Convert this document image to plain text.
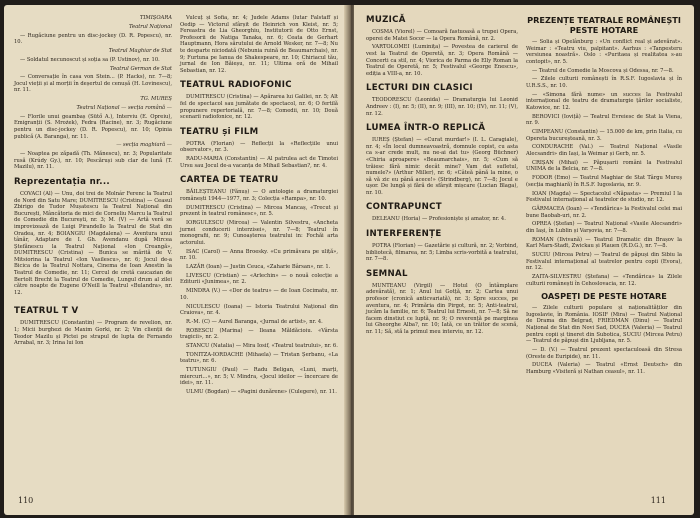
TIMIȘOARA

Teatrul Național

— Rugăciune pentru un disc-jockey (D. R. Popescu), nr. 10.

Teatrul Maghiar de Stat

— Soldatul necunoscut și soția sa (P. Ustinov), nr. 10.

Teatrul German de Stat

— Conversație în casa von Stein... (P. Hacks), nr. 7—8; Jocul vieții și al morții în deșertul de cenușă (H. Lovinescu), nr. 11.

TG. MUREȘ

Teatrul Național — secția română —

— Florile unui geambaș (Sütő A.), Interviu (E. Opreiu), Emigranții (S. Mrożek), Fedra (Racine), nr. 3; Rugăciune pentru un disc-jockey (D. R. Popescu), nr. 10; Opinia publică (A. Baranga), nr. 11.

— secția maghiară —

— Noaptea pe zăpadă (Th. Mănescu), nr. 3; Popularitate rusă (Krúdy Gy.), nr. 10; Pescăruși sub clar de lună (T. Mazilu), nr. 11.

Reprezentația nr...

COVACI (Al) — Unu, doi trei de Molnár Ferenc la Teatrul de Nord din Satu Mare; DUMITRESCU (Cristina) — Ceasul Zbirigo de Tudor Mușatescu la Teatrul Național din București, Mâncătoria de mici de Corneliu Marcu la Teatrul de Comedie din București, nr. 3; M. (V) — Artă veră se improvizează de Luigi Pirandello la Teatrul de Stat din Oradea, nr. 4; BOIANGIU (Magdalena) — Aventura unui tânăr, Adaptare de I. Gh. Avendanu după Mircea Ștefănescu la Teatrul Național «Ion Creangă», DUMITRESCU (Cristina) — Bunica se mărită de V. Mitsiorina la Teatrul «Ion Vasilescu», nr. 6; Jocul de-a Bicica de la Teatrul Nottara, Cinema de Ioan Anestin la Teatrul de Comedie, nr. 11; Cercul de cretă caucazian de Bertolt Brecht la Teatrul de Comedie, Lungul drum al zilei către noapte de Eugene O'Neill la Teatrul «Bulandra», nr. 12.

TEATRUL T V

DUMITRESCU (Constantin) — Program de revelion, nr. 1; Micii burghezi de Maxim Gorki, nr. 2; Vin clienții de Teodor Mazilu și Pictei pe strapul de lupta de Fernando Arrabal, nr. 3; Irina lui Ion

Vulcuț și Sofia, nr. 4; Judele Adams (lutar Falstaff și Oedip — Victorul sfârșit de Heinrich von Kleist, nr. 5; Fereastra de Lia Gheorghiu, Institutorii de Otto Ernst, Profesorii de Natiga Tanaka, nr. 6; Ceata de Gerhart Hauptmann, Hora sărutului de Arnold Wesker, nr. 7—8; Nu te desparte niciodată (Nebunia ruină de Beaumarchais), nr. 9; Furtuna pe Ianua de Shakespeare, nr. 10; Chiriacul tău, jurnal de Ion Băieșu, nr. 11; Ultima oră de Mihail Sebastian, nr. 12.

TEATRUL RADIOFONIC

DUMITRESCU (Cristina) — Apărarea lui Galilei, nr. 5; Alt fel de spectacol sau jumătate de spectacol, nr. 6; Ο fertilă propunere repertorială, nr. 7—8; Comedii, nr. 10; Două scenarii radiofonice, nr. 12.

TEATRU și FILM

POTRA (Florian) — Reflecții la «Reflecțiile unui observator», nr. 3.

RADU-MARIA (Constantin) — Al patrulea act de Timotei Ursu sau Jocul de-a vacanța de Mihail Sebastian?, nr. 4.

CARTEA DE TEATRU

BĂILEȘTEANU (Fănuș) — O antologie a dramaturgiei românești 1944—1977, nr. 3; Colecția «Rampa», nr. 10.

DUMITRESCU (Cristina) — Mircea Mancaș, «Trecut și prezent în teatrul românesc», nr. 5.

IORGULESCU (Mircea) — Valentin Silvestru, «Ancheta jurnei conducerii interzisei», nr. 7—8; Teatrul în monografii, nr. 9; Cunoașterea teatrului in: Fochăi arta actorului.

ISAC (Carol) — Anna Broesky. «Cu primăvara pe uliță», nr. 10.

LAZĂR (Ioan) — Justin Ceuca, «Zaharie Bârsan», nr. 1.

LIVESCU (Cristian) — «Arlechin» — o nouă colecție a Editurii «Junimea», nr. 2.

MINDRA (V.) — «Dor de teatru» — de Ioan Cocimatu, nr. 10.

NICULESCU (Ioana) — Istoria Teatrului Național din Craiova», nr. 4.

R.-M. (C) — Aurel Baranga, «Jurnal de artist», nr. 4.

ROBESCU (Marina) — Ileana Măldăcioiu. «Vârsta tragicii», nr. 2.

STANCU (Natalia) — Mira Iosif, «Teatrul teatrului», nr. 6.

TONITZA-IORDACHE (Mihaela) — Tristan Șerbanu, «La teatru», nr. 6.

TUTUNGIU (Paul) — Radu Beligan, «Luni, marți, miercuri...», nr. 5; V. Mindra, «Jocul ideilor — încercare de idei», nr. 11.

ULMU (Bogdan) — «Pagini dunărene» (Culegere), nr. 11.

110
MUZICĂ

COSMA (Viorel) — Comoară fastuoasă a trupei Opera, operei de Matei Socor — la Opera Română, nr. 2.

VARTOLOMEI (Luminița) — Povestea de carierul de vest la Teatrul de Operetă, nr. 3; Opera Română — Concerti ca stil, nr. 4; Viorica de Parma de Elly Roman la Teatrul de Operetă, nr. 5; Festivalul «George Enescu», ediția a VIII-a, nr. 10.

LECTURI DIN CLASICI

TEODORESCU (Leonida) — Dramaturgia lui Leonid Andreev : (I), nr. 5; (II), nr. 9; (III), nr. 10; (IV), nr. 11; (V), nr. 12.

LUMEA ÎNTR-O REPLICĂ

IUREȘ (Ștefan) — «Curat murdar!» (I. L. Caragiale), nr. 4; «În locul dumneavoastră, domnule copist, cu asta ca s-ar crede mult, nu ne-ai dat tu» (Georg Büchner) «Chiria aproapere» «Beaumarchais», nr. 5; «Cum să trăiesc fără nimic decât mine? Vam dat sufletul, numele?» (Arthur Miller), nr. 6; «Câteă până la mine, o să vă zic eu până acece!» (Strindberg), nr. 7—8; Jocul e ușor. De lungă și fără de sfârșit mișcare (Lucian Blaga), nr. 10.

CONTRAPUNCT

DELEANU (Horia) — Profesioniște și amator, nr. 4.

INTERFERENȚE

POTRA (Florian) — Gazetărie și cultură, nr. 2; Vorbind, bibliotecă, filmarea, nr. 5; Limba scris-vorbită a teatrului, nr. 7—8.

SEMNAL

MUNTEANU (Virgil) — Hotul (O întâmplare adevărată), nr. 1; Anul lui Gotță, nr. 2; Cartea unui profesor (cronică anticvariată), nr. 3; Spre succes, pe aventura, nr. 4; Primăria din Pirgot, nr. 5; Anti-teatrul, jucăm la familie, nr. 6; Teatrul lui Ernesti, nr. 7—8; Să ne facem dinstiut ce luptă, nr. 9; O reverență pe marginea lui Gheorghe Alba?, nr. 10; Iată, ce un trăitor de scenă, nr. 11; Să, stă la primul meu interviu, nr. 12.

PREZENȚE TEATRALE ROMÂNEȘTI PESTE HOTARE

— Solia și Opelânburg : «Un conflict real și adevărat». Weimar : «Teatru viu, palpitant». Aarhus : «Tanpesteru versiunea noastră». Oslo : «Puritaea și realitatea s-au contopit», nr. 5.

— Teatrul de Comedie la Moscova și Odessa, nr. 7—8.

— Zilele culturii românești în R.S.F. Iugoslavia și în U.R.S.S., nr. 10.

— «Simona fără nume» un succes la Festivalul internațional de teatru de dramaturgie țărilor socialiste, Katowice, nr. 12.

BEROVICI (Ioviță) — Teatrul Evreiesc de Stat la Viena, nr. 9.

CIMPEANU (Constantin) — 15.000 de km, prin Italia, cu Opereta bucureșteană, nr. 3.

CONDURACHE (Val.) — Teatrul Național «Vasile Alecsandri» din Iași, la Weimar și Gerb, nr. 5.

CRIȘAN (Mihai) — Păpușarii români la Festivalul UNIMA de la Belcia, nr. 7—8.

FODOR (Emo) — Teatrul Maghiar de Stat Târgu Mureș (secția maghiară) în R.S.F. Iugoslavia, nr. 9.

IOAN (Magda) — Spectacolul «Năpasta» — Premiul I la Festivalul internațional al teatrelor de studio, nr. 12.

GÂRMACEA (Ioan) — «Tendărica» la Festivalul celei mai bune Baobab-uri, nr. 2.

OPREA (Ștefan) — Teatrul Național «Vasile Alecsandri» din Iași, în Lublin și Varșovia, nr. 7—8.

ROMAN (Ilvivană) — Teatrul Dramatic din Brașov la Karl Marx-Stadt, Zwickau și Plauen (R.D.G.), nr. 7—8.

SUCIU (Mircea Petru) — Teatrul de păpuși din Sibiu la Festivalul internațional al teatrelor pentru copii (Evora), nr. 12.

ZAITA-SILVESTRU (Ștefana) — «Tendărica» la Zilele culturii românești în Cehoslovacia, nr. 12.

OASPEȚI DE PESTE HOTARE

— Zilele culturii populare și naționalităților din Iugoslavie, în România. IOSIF (Mira) — Teatrul Național de Drama din Belgrad, FRIEDMAN (Dinu) — Teatrul Național de Stat din Novi Sad, DUCEA (Valeria) — Teatrul pentru copii și tineret din Subotica, SUCIU (Mircea Petru) — Teatrul de păpuși din Ljubljana, nr. 5.

— D. (V.) — Teatrul prezent spectaculoasă din Stresa (Oreste de Euripide), nr. 11.

DUCEA (Valeria) — Teatrul «Ernst Deutsch» din Hamburg «Visiteră și Nathan ceasul», nr. 11.

111
